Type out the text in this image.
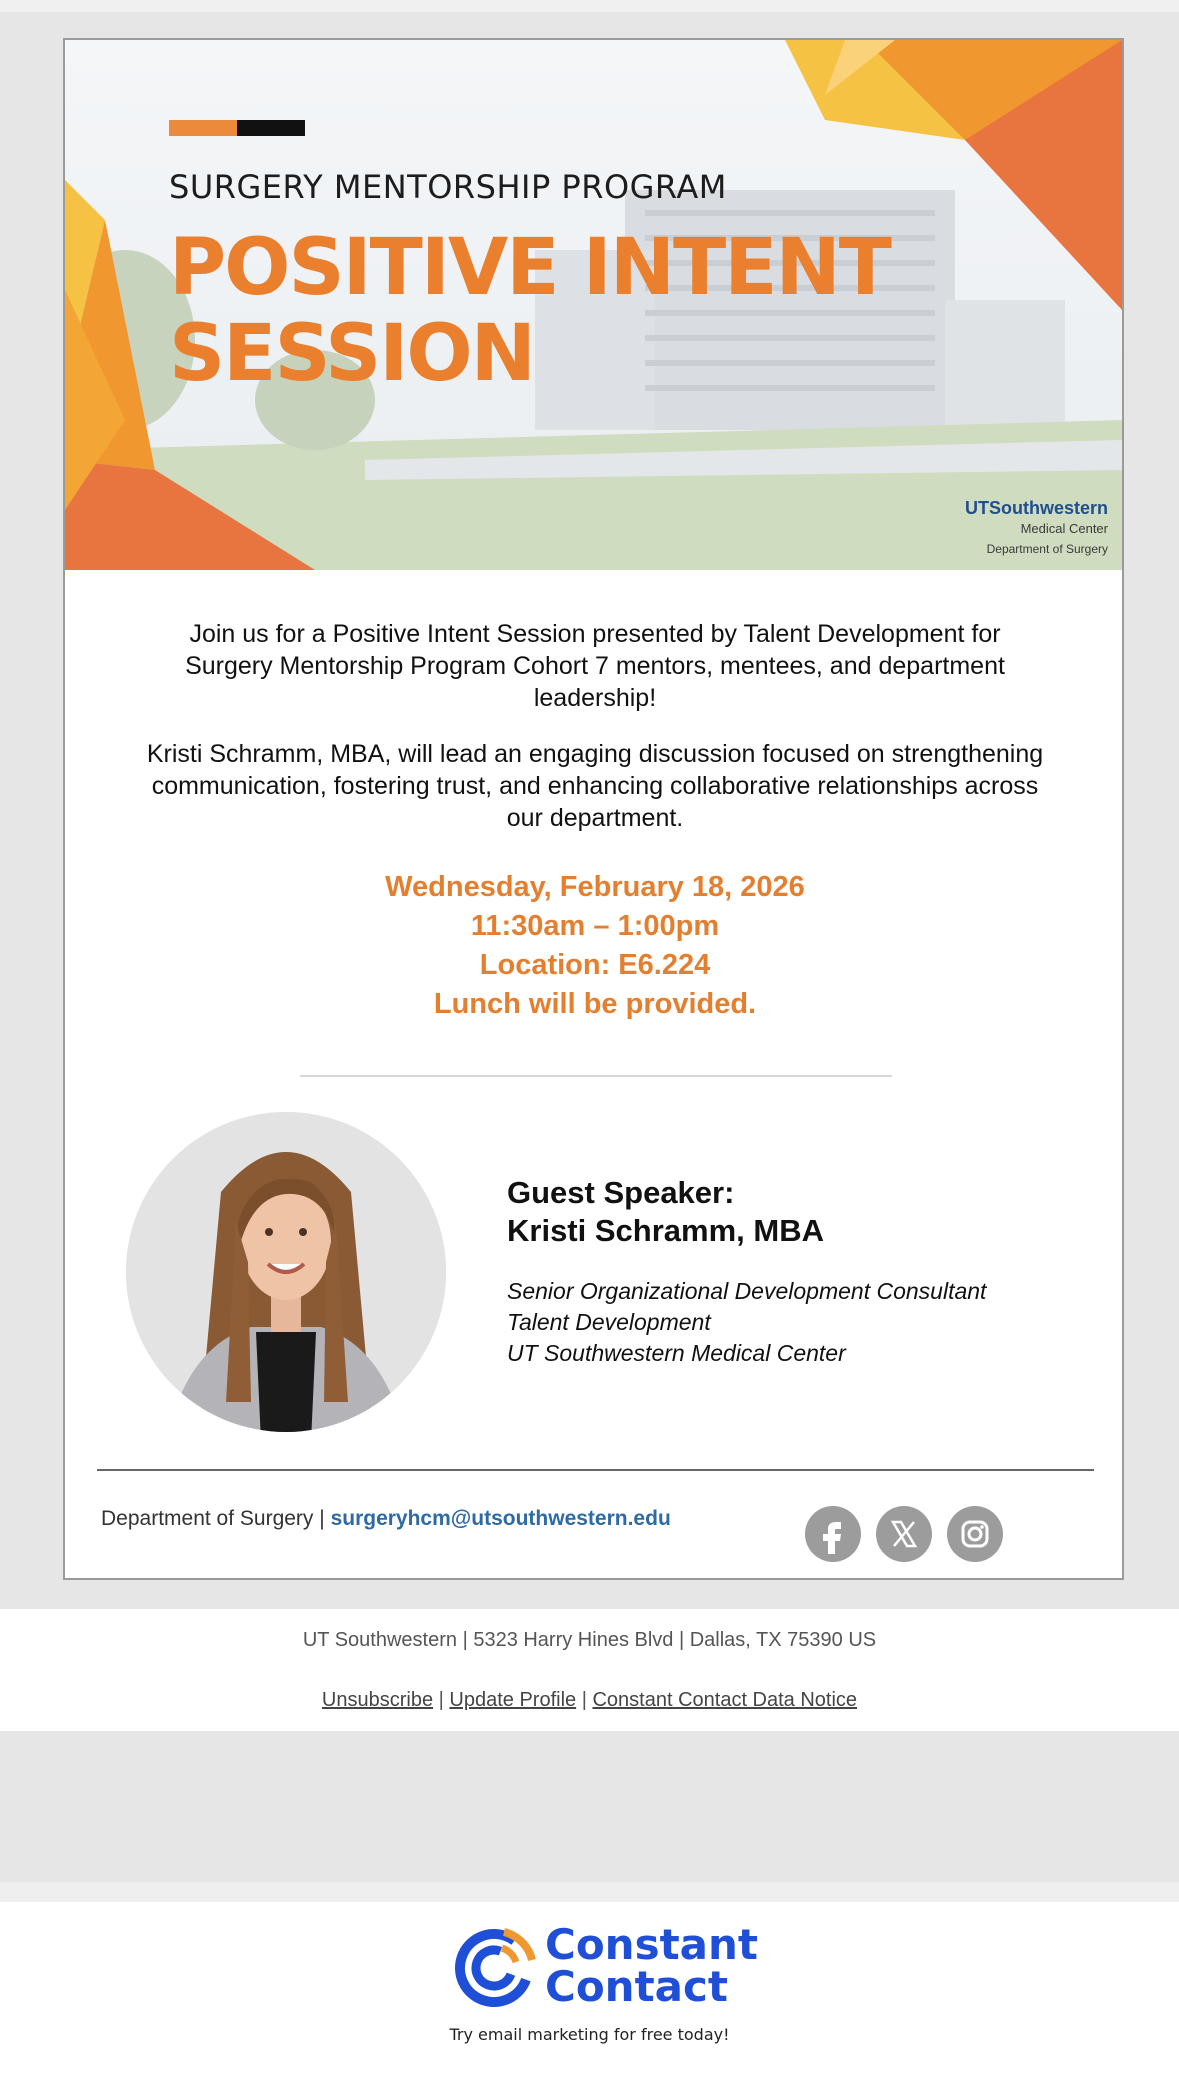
SURGERY MENTORSHIP PROGRAM
POSITIVE INTENT
SESSION
UTSouthwestern
Medical Center
Department of Surgery
Join us for a Positive Intent Session presented by Talent Development for Surgery Mentorship Program Cohort 7 mentors, mentees, and department leadership!
Kristi Schramm, MBA, will lead an engaging discussion focused on strengthening communication, fostering trust, and enhancing collaborative relationships across our department.
Wednesday, February 18, 2026
11:30am – 1:00pm
Location: E6.224
Lunch will be provided.
Guest Speaker:
Kristi Schramm, MBA
Senior Organizational Development Consultant
Talent Development
UT Southwestern Medical Center
Department of Surgery | surgeryhcm@utsouthwestern.edu
UT Southwestern | 5323 Harry Hines Blvd | Dallas, TX 75390 US
Unsubscribe | Update Profile | Constant Contact Data Notice
Constant
Contact
Try email marketing for free today!
